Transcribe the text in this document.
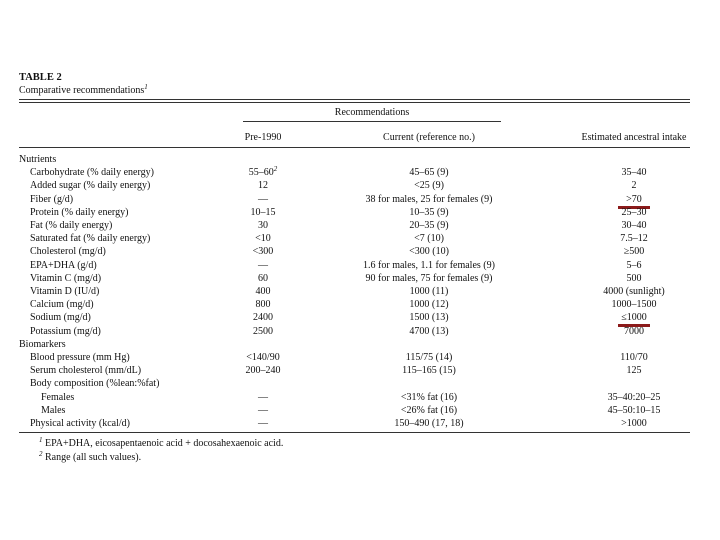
TABLE 2
Comparative recommendations$^1$
Recommendations
Pre-1990	Current (reference no.)	Estimated ancestral intake
Nutrients
Carbohydrate (% daily energy)	$55-60^2$	45–65 (9)	35–40
Added sugar (% daily energy)	12	<25 (9)	2
Fiber (g/d)	—	38 for males, 25 for females (9)	>70
Protein (% daily energy)	10–15	10–35 (9)	25–30
Fat (% daily energy)	30	20–35 (9)	30–40
Saturated fat (% daily energy)	<10	<7 (10)	7.5–12
Cholesterol (mg/d)	<300	<300 (10)	≥500
EPA+DHA (g/d)	—	1.6 for males, 1.1 for females (9)	5–6
Vitamin C (mg/d)	60	90 for males, 75 for females (9)	500
Vitamin D (IU/d)	400	1000 (11)	4000 (sunlight)
Calcium (mg/d)	800	1000 (12)	1000–1500
Sodium (mg/d)	2400	1500 (13)	≤1000
Potassium (mg/d)	2500	4700 (13)	7000
Biomarkers
Blood pressure (mm Hg)	<140/90	115/75 (14)	110/70
Serum cholesterol (mm/dL)	200–240	115–165 (15)	125
Body composition (%lean:%fat)
Females	—	<31% fat (16)	35–40:20–25
Males	—	<26% fat (16)	45–50:10–15
Physical activity (kcal/d)	—	150–490 (17, 18)	>1000
$^1$ EPA+DHA, eicosapentaenoic acid + docosahexaenoic acid.
$^2$ Range (all such values).
